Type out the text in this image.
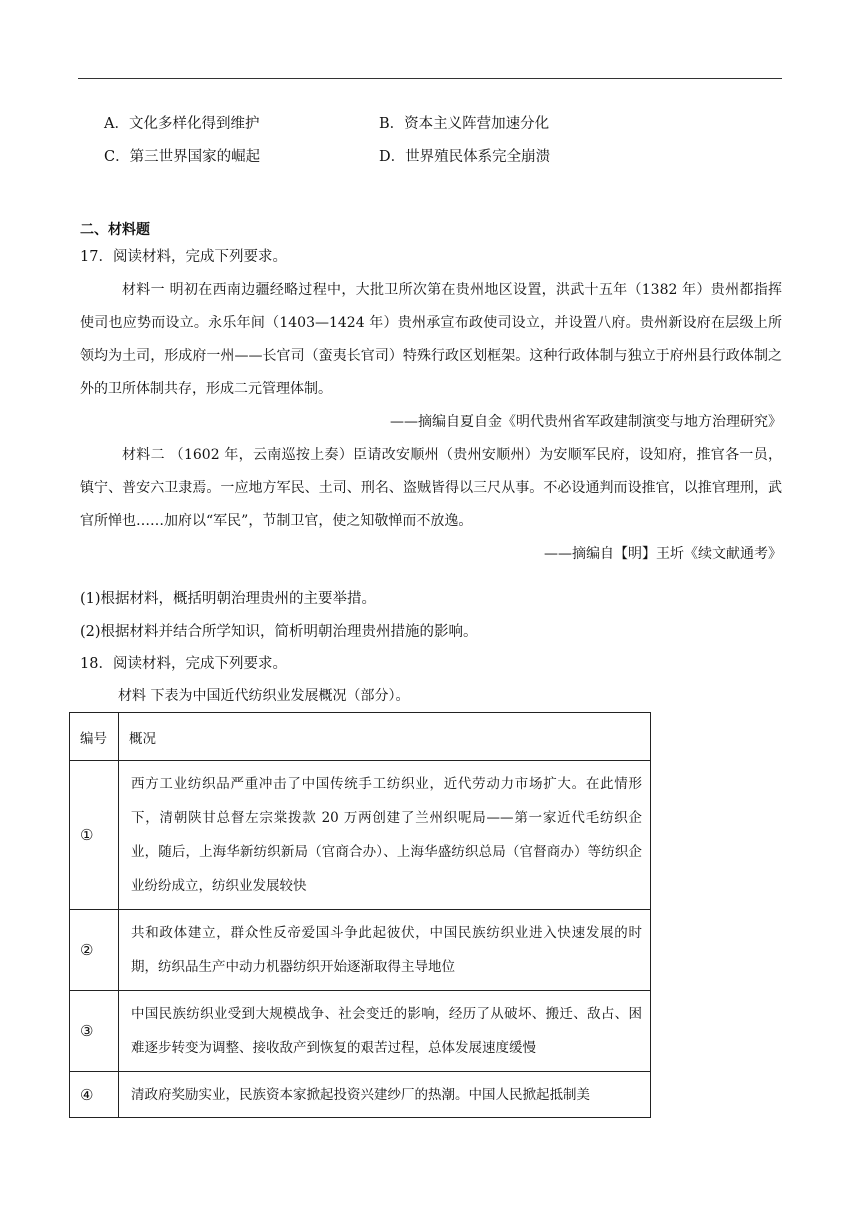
A．文化多样化得到维护	B．资本主义阵营加速分化
C．第三世界国家的崛起	D．世界殖民体系完全崩溃
二、材料题
17．阅读材料，完成下列要求。

材料一 明初在西南边疆经略过程中，大批卫所次第在贵州地区设置，洪武十五年（1382 年）贵州都指挥使司也应势而设立。永乐年间（1403—1424 年）贵州承宣布政使司设立，并设置八府。贵州新设府在层级上所领均为土司，形成府一州——长官司（蛮夷长官司）特殊行政区划框架。这种行政体制与独立于府州县行政体制之外的卫所体制共存，形成二元管理体制。

——摘编自夏自金《明代贵州省军政建制演变与地方治理研究》

材料二 （1602 年，云南巡按上奏）臣请改安顺州（贵州安顺州）为安顺军民府，设知府，推官各一员，镇宁、普安六卫隶焉。一应地方军民、土司、刑名、盗贼皆得以三尺从事。不必设通判而设推官，以推官理刑，武官所惮也……加府以“军民”，节制卫官，使之知敬惮而不放逸。

——摘编自【明】王圻《续文献通考》

(1)根据材料，概括明朝治理贵州的主要举措。
(2)根据材料并结合所学知识，简析明朝治理贵州措施的影响。
18．阅读材料，完成下列要求。
材料 下表为中国近代纺织业发展概况（部分）。
编号	概况
①	西方工业纺织品严重冲击了中国传统手工纺织业，近代劳动力市场扩大。在此情形下，清朝陕甘总督左宗棠拨款 20 万两创建了兰州织呢局——第一家近代毛纺织企业，随后，上海华新纺织新局（官商合办）、上海华盛纺织总局（官督商办）等纺织企业纷纷成立，纺织业发展较快
②	共和政体建立，群众性反帝爱国斗争此起彼伏，中国民族纺织业进入快速发展的时期，纺织品生产中动力机器纺织开始逐渐取得主导地位
③	中国民族纺织业受到大规模战争、社会变迁的影响，经历了从破坏、搬迁、敌占、困难逐步转变为调整、接收敌产到恢复的艰苦过程，总体发展速度缓慢
④	清政府奖励实业，民族资本家掀起投资兴建纱厂的热潮。中国人民掀起抵制美
